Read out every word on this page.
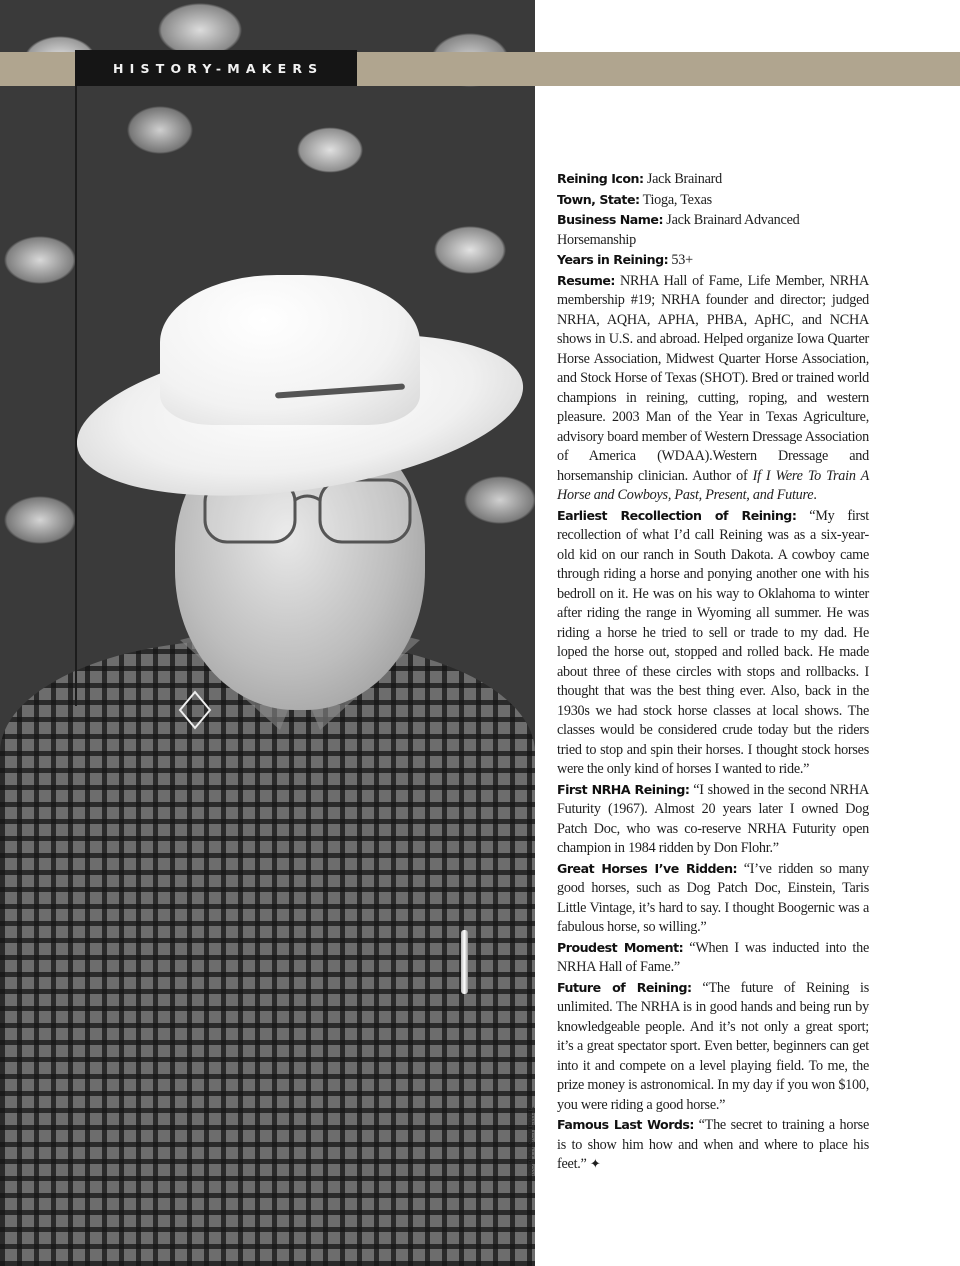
HISTORY-MAKERS
ROBYN SCHERER

Reining Icon: Jack Brainard

Town, State: Tioga, Texas

Business Name: Jack Brainard Advanced Horsemanship

Years in Reining: 53+

Resume: NRHA Hall of Fame, Life Member, NRHA membership #19; NRHA founder and director; judged NRHA, AQHA, APHA, PHBA, ApHC, and NCHA shows in U.S. and abroad. Helped organize Iowa Quarter Horse Association, Midwest Quarter Horse Association, and Stock Horse of Texas (SHOT). Bred or trained world champions in reining, cutting, roping, and western pleasure. 2003 Man of the Year in Texas Agriculture, advisory board member of Western Dressage Association of America (WDAA).Western Dressage and horsemanship clinician. Author of If I Were To Train A Horse and Cowboys, Past, Present, and Future.

Earliest Recollection of Reining: “My first recollection of what I’d call Reining was as a six-year-old kid on our ranch in South Dakota. A cowboy came through riding a horse and ponying another one with his bedroll on it. He was on his way to Oklahoma to winter after riding the range in Wyoming all summer. He was riding a horse he tried to sell or trade to my dad. He loped the horse out, stopped and rolled back. He made about three of these circles with stops and rollbacks. I thought that was the best thing ever. Also, back in the 1930s we had stock horse classes at local shows. The classes would be considered crude today but the riders tried to stop and spin their horses. I thought stock horses were the only kind of horses I wanted to ride.”

First NRHA Reining: “I showed in the second NRHA Futurity (1967). Almost 20 years later I owned Dog Patch Doc, who was co-reserve NRHA Futurity open champion in 1984 ridden by Don Flohr.”

Great Horses I’ve Ridden: “I’ve ridden so many good horses, such as Dog Patch Doc, Einstein, Taris Little Vintage, it’s hard to say. I thought Boogernic was a fabulous horse, so willing.”

Proudest Moment: “When I was inducted into the NRHA Hall of Fame.”

Future of Reining: “The future of Reining is unlimited. The NRHA is in good hands and being run by knowledgeable people. And it’s not only a great sport; it’s a great spectator sport. Even better, beginners can get into it and compete on a level playing field. To me, the prize money is astronomical. In my day if you won $100, you were riding a good horse.”

Famous Last Words: “The secret to training a horse is to show him how and when and where to place his feet.” ✦
